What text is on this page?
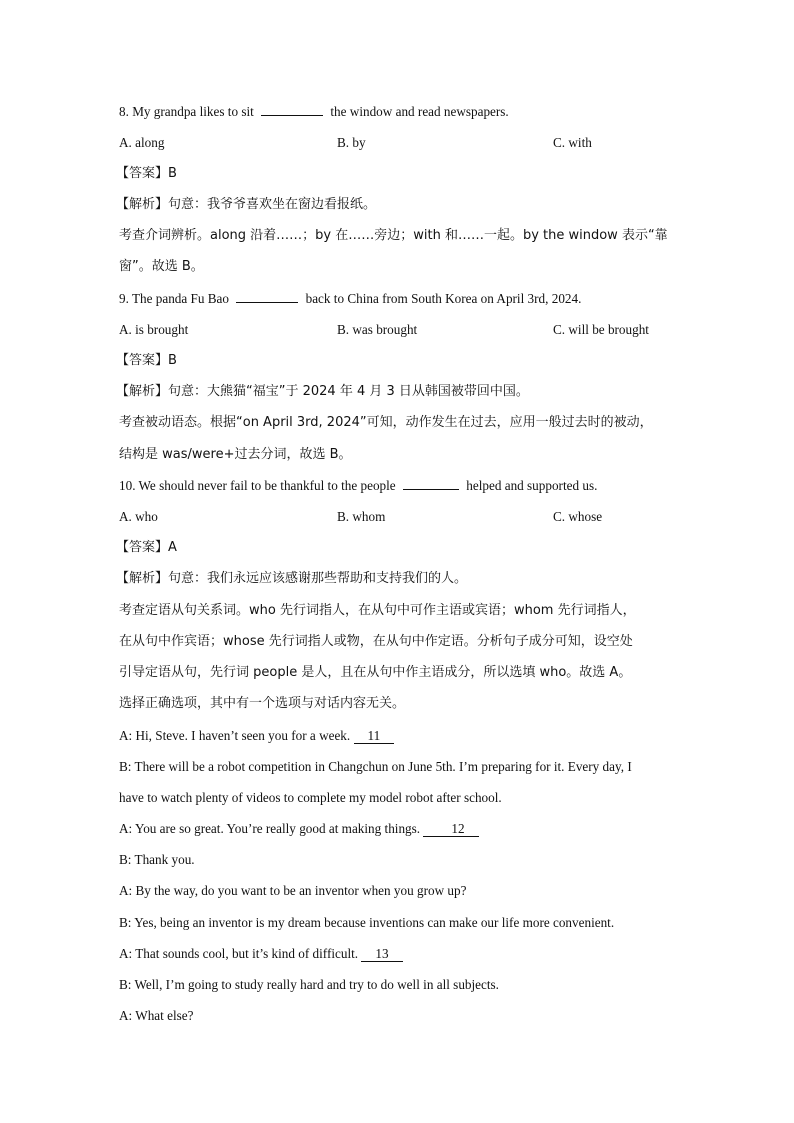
8. My grandpa likes to sit	the window and read newspapers.
A. along	B. by	C. with
【答案】B
【解析】句意：我爷爷喜欢坐在窗边看报纸。
考查介词辨析。along 沿着……；by 在……旁边；with 和……一起。by the window 表示“靠
窗”。故选 B。
9. The panda Fu Bao	back to China from South Korea on April 3rd, 2024.
A. is brought	B. was brought	C. will be brought
【答案】B
【解析】句意：大熊猫“福宝”于 2024 年 4 月 3 日从韩国被带回中国。
考查被动语态。根据“on April 3rd, 2024”可知，动作发生在过去，应用一般过去时的被动，
结构是 was/were+过去分词，故选 B。
10. We should never fail to be thankful to the people	helped and supported us.
A. who	B. whom	C. whose
【答案】A
【解析】句意：我们永远应该感谢那些帮助和支持我们的人。
考查定语从句关系词。who 先行词指人，在从句中可作主语或宾语；whom 先行词指人，
在从句中作宾语；whose 先行词指人或物，在从句中作定语。分析句子成分可知，设空处
引导定语从句，先行词 people 是人，且在从句中作主语成分，所以选填 who。故选 A。
选择正确选项，其中有一个选项与对话内容无关。
A: Hi, Steve. I haven’t seen you for a week. 11
B: There will be a robot competition in Changchun on June 5th. I’m preparing for it. Every day, I
have to watch plenty of videos to complete my model robot after school.
A: You are so great. You’re really good at making things. 12
B: Thank you.
A: By the way, do you want to be an inventor when you grow up?
B: Yes, being an inventor is my dream because inventions can make our life more convenient.
A: That sounds cool, but it’s kind of difficult. 13
B: Well, I’m going to study really hard and try to do well in all subjects.
A: What else?
